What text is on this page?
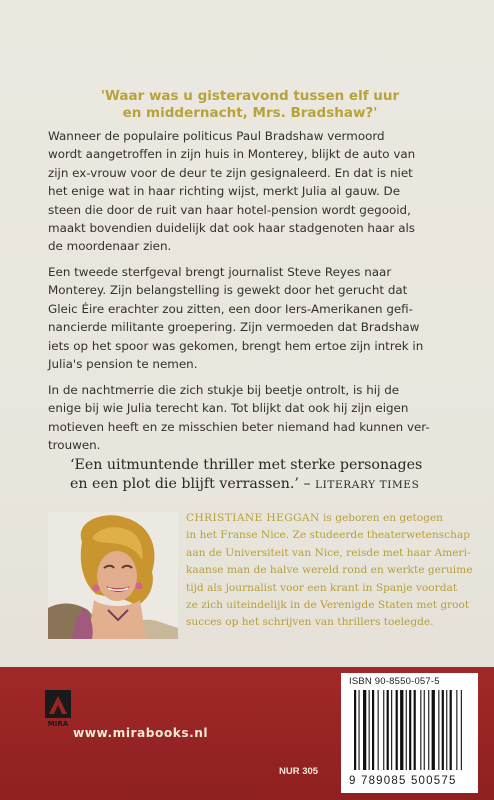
'Waar was u gisteravond tussen elf uur
en middernacht, Mrs. Bradshaw?'
Wanneer de populaire politicus Paul Bradshaw vermoord
wordt aangetroffen in zijn huis in Monterey, blijkt de auto van
zijn ex-vrouw voor de deur te zijn gesignaleerd. En dat is niet
het enige wat in haar richting wijst, merkt Julia al gauw. De
steen die door de ruit van haar hotel-pension wordt gegooid,
maakt bovendien duidelijk dat ook haar stadgenoten haar als
de moordenaar zien.
Een tweede sterfgeval brengt journalist Steve Reyes naar
Monterey. Zijn belangstelling is gewekt door het gerucht dat
Gleic Éire erachter zou zitten, een door Iers-Amerikanen gefi-
nancierde militante groepering. Zijn vermoeden dat Bradshaw
iets op het spoor was gekomen, brengt hem ertoe zijn intrek in
Julia's pension te nemen.
In de nachtmerrie die zich stukje bij beetje ontrolt, is hij de
enige bij wie Julia terecht kan. Tot blijkt dat ook hij zijn eigen
motieven heeft en ze misschien beter niemand had kunnen ver-
trouwen.
‘Een uitmuntende thriller met sterke personages
en een plot die blijft verrassen.’ – LITERARY TIMES
CHRISTIANE HEGGAN is geboren en getogen
in het Franse Nice. Ze studeerde theaterwetenschap
aan de Universiteit van Nice, reisde met haar Ameri-
kaanse man de halve wereld rond en werkte geruime
tijd als journalist voor een krant in Spanje voordat
ze zich uiteindelijk in de Verenigde Staten met groot
succes op het schrijven van thrillers toelegde.
MIRA
www.mirabooks.nl
NUR 305
ISBN 90-8550-057-5
9 789085 500575
